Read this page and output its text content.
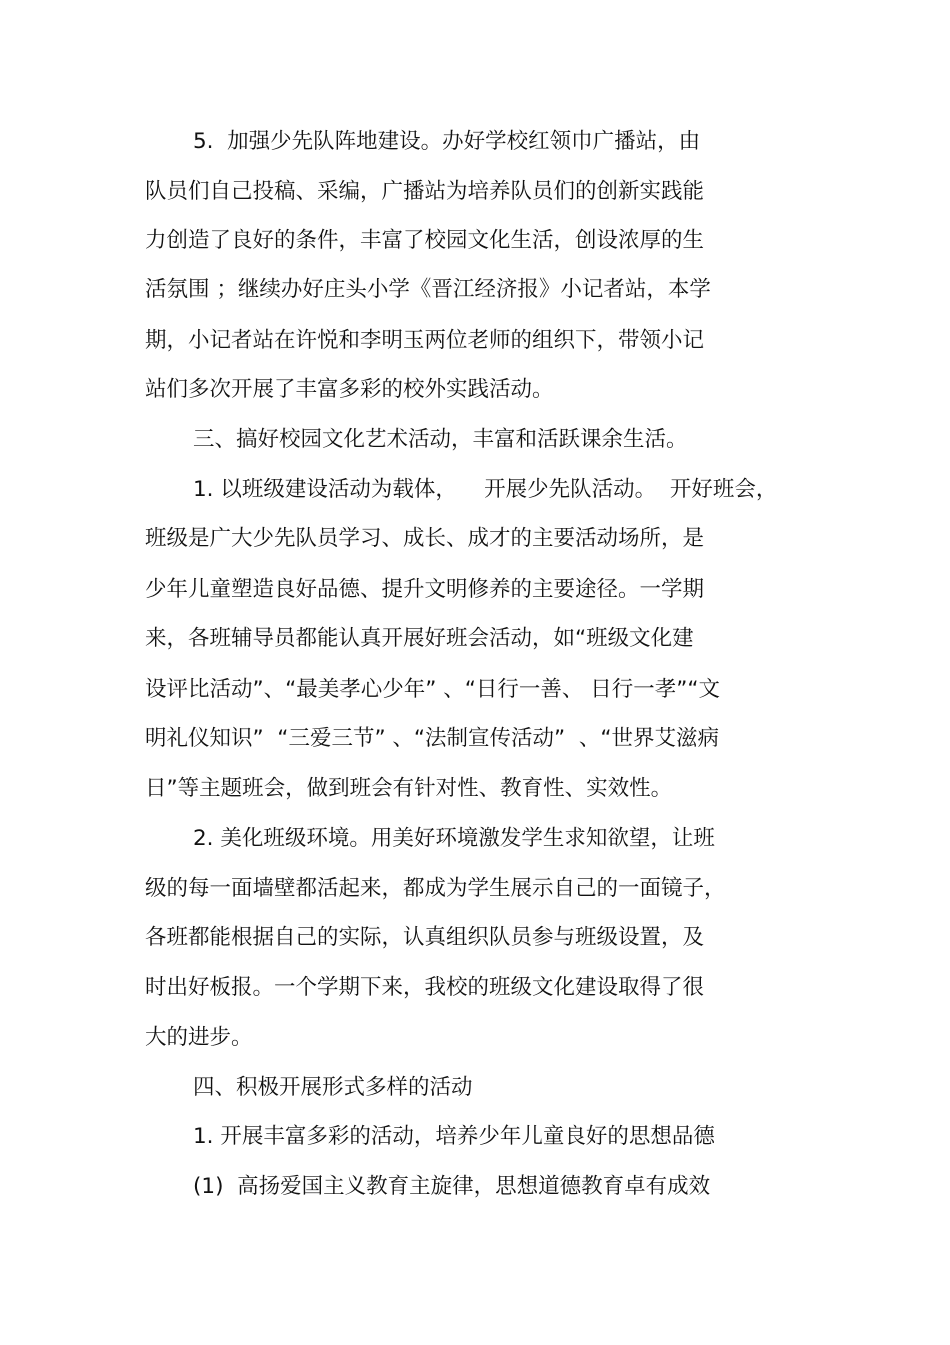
5.  加强少先队阵地建设。办好学校红领巾广播站，由

队员们自己投稿、采编，广播站为培养队员们的创新实践能

力创造了良好的条件，丰富了校园文化生活，创设浓厚的生

活氛围 ；继续办好庄头小学《晋江经济报》小记者站，本学

期，小记者站在许悦和李明玉两位老师的组织下，带领小记

站们多次开展了丰富多彩的校外实践活动。

三、搞好校园文化艺术活动，丰富和活跃课余生活。

1. 以班级建设活动为载体，    开展少先队活动。  开好班会，

班级是广大少先队员学习、成长、成才的主要活动场所，是

少年儿童塑造良好品德、提升文明修养的主要途径。一学期

来，各班辅导员都能认真开展好班会活动，如“班级文化建

设评比活动”、“最美孝心少年” 、“日行一善、 日行一孝”“文

明礼仪知识”  “三爱三节” 、“法制宣传活动”  、“世界艾滋病

日”等主题班会，做到班会有针对性、教育性、实效性。

2. 美化班级环境。用美好环境激发学生求知欲望，让班

级的每一面墙壁都活起来，都成为学生展示自己的一面镜子，

各班都能根据自己的实际，认真组织队员参与班级设置，及

时出好板报。一个学期下来，我校的班级文化建设取得了很

大的进步。

四、积极开展形式多样的活动

1. 开展丰富多彩的活动，培养少年儿童良好的思想品德

(1)  高扬爱国主义教育主旋律，思想道德教育卓有成效
